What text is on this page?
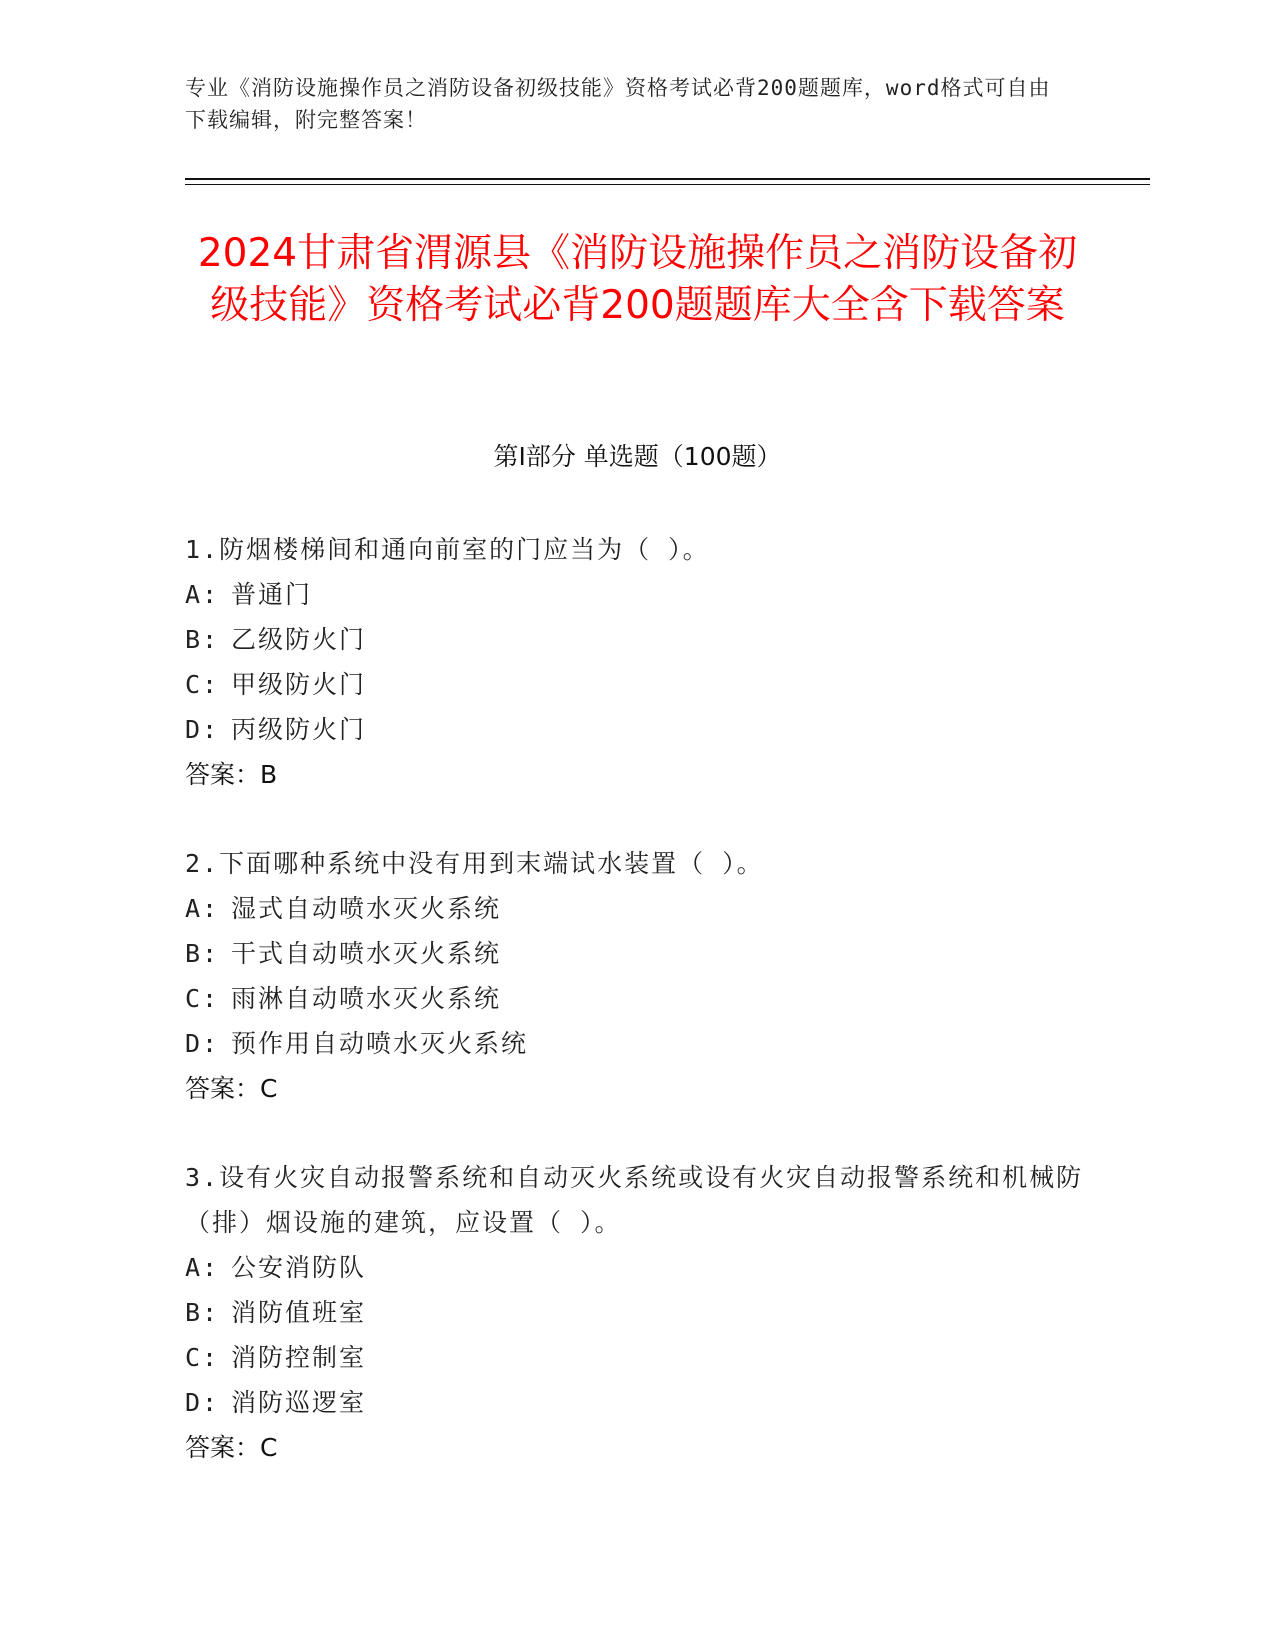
专业《消防设施操作员之消防设备初级技能》资格考试必背200题题库，word格式可自由下载编辑，附完整答案！
2024甘肃省渭源县《消防设施操作员之消防设备初级技能》资格考试必背200题题库大全含下载答案
第I部分 单选题（100题）

1.防烟楼梯间和通向前室的门应当为（ ）。

A: 普通门

B: 乙级防火门

C: 甲级防火门

D: 丙级防火门

答案：B

2.下面哪种系统中没有用到末端试水装置（ ）。

A: 湿式自动喷水灭火系统

B: 干式自动喷水灭火系统

C: 雨淋自动喷水灭火系统

D: 预作用自动喷水灭火系统

答案：C

3.设有火灾自动报警系统和自动灭火系统或设有火灾自动报警系统和机械防（排）烟设施的建筑，应设置（ ）。

A: 公安消防队

B: 消防值班室

C: 消防控制室

D: 消防巡逻室

答案：C
